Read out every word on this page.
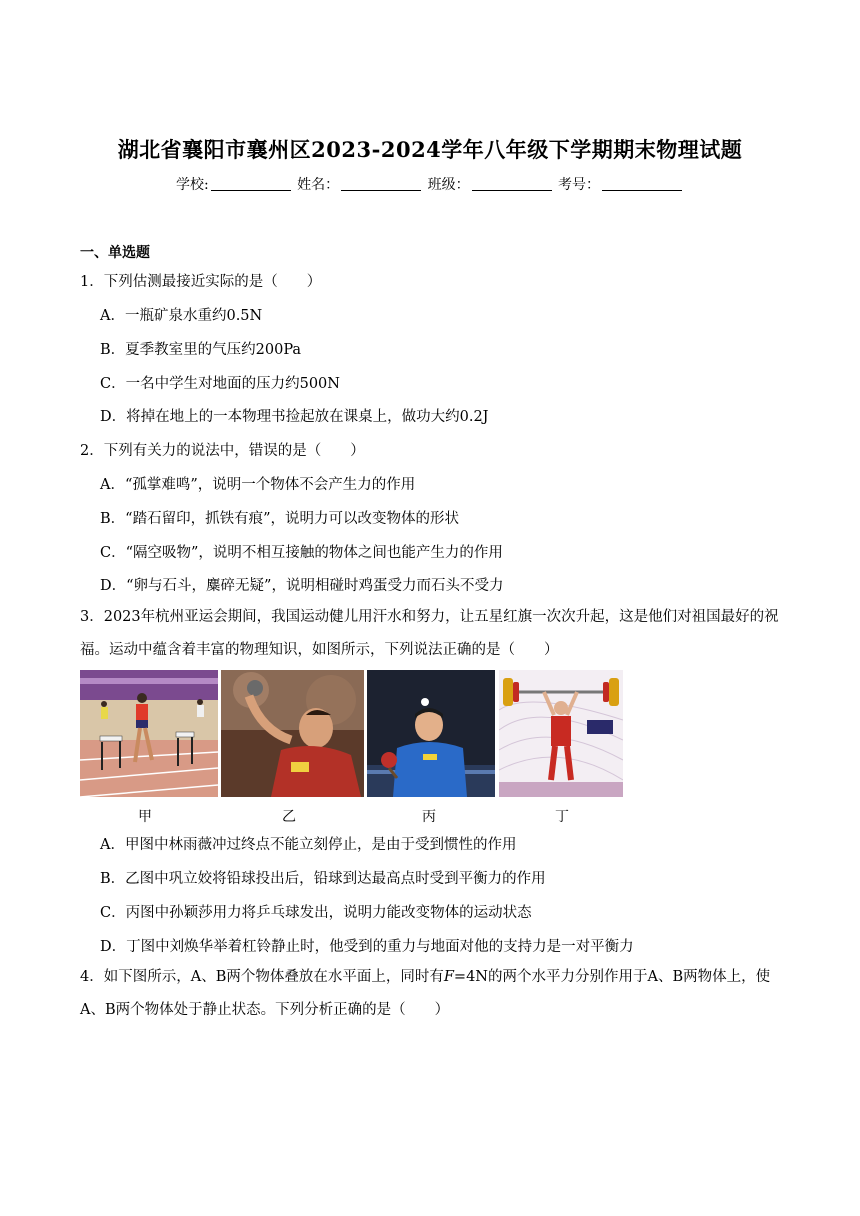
湖北省襄阳市襄州区2023-2024学年八年级下学期期末物理试题
学校:	姓名：	班级：	考号：
一、单选题
1．下列估测最接近实际的是（　　）
A．一瓶矿泉水重约0.5N
B．夏季教室里的气压约200Pa
C．一名中学生对地面的压力约500N
D．将掉在地上的一本物理书捡起放在课桌上，做功大约0.2J
2．下列有关力的说法中，错误的是（　　）
A．“孤掌难鸣”，说明一个物体不会产生力的作用
B．“踏石留印，抓铁有痕”，说明力可以改变物体的形状
C．“隔空吸物”，说明不相互接触的物体之间也能产生力的作用
D．“卵与石斗，麋碎无疑”，说明相碰时鸡蛋受力而石头不受力
3．2023年杭州亚运会期间，我国运动健儿用汗水和努力，让五星红旗一次次升起，这是他们对祖国最好的祝福。运动中蕴含着丰富的物理知识，如图所示，下列说法正确的是（　　）
甲	乙	丙	丁
A．甲图中林雨薇冲过终点不能立刻停止，是由于受到惯性的作用
B．乙图中巩立姣将铅球投出后，铅球到达最高点时受到平衡力的作用
C．丙图中孙颖莎用力将乒乓球发出，说明力能改变物体的运动状态
D．丁图中刘焕华举着杠铃静止时，他受到的重力与地面对他的支持力是一对平衡力
4．如下图所示，A、B两个物体叠放在水平面上，同时有F=4N的两个水平力分别作用于A、B两物体上，使A、B两个物体处于静止状态。下列分析正确的是（　　）
